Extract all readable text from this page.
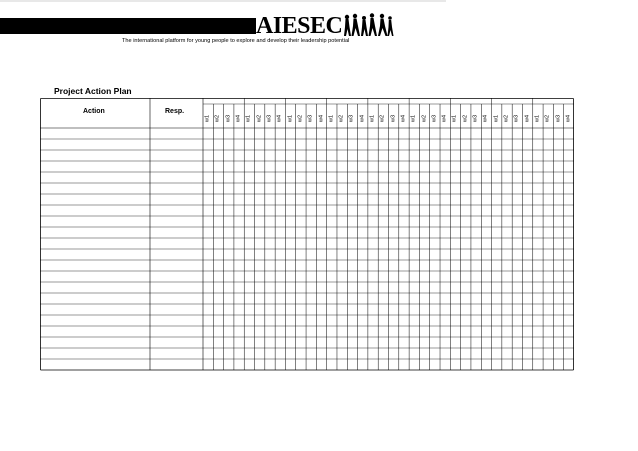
AIESEC
The international platform for young people to explore and develop their leadership potential
Project Action Plan
Action	Resp.
w1 w2 w3 w4 w1 w2 w3 w4 w1 w2 w3 w4 w1 w2 w3 w4 w1 w2 w3 w4 w1 w2 w3 w4 w1 w2 w3 w4 w1 w2 w3 w4 w1 w2 w3 w4
